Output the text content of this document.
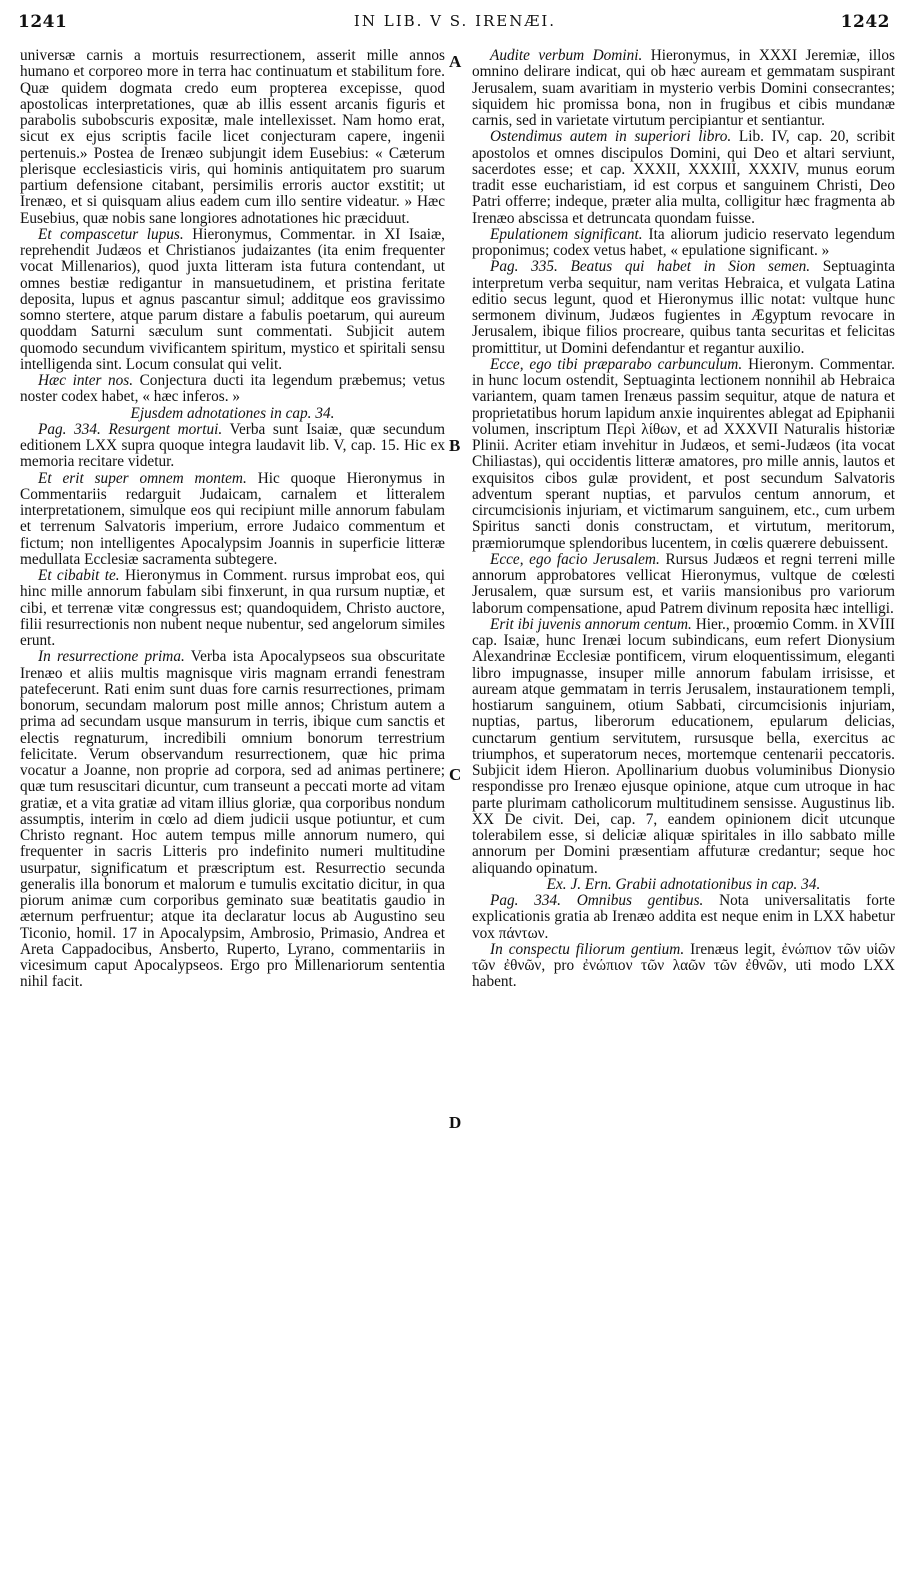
1241	IN LIB. V S. IRENÆI.	1242
A
B
C
D

universæ carnis a mortuis resurrectionem, asserit mille annos humano et corporeo more in terra hac continuatum et stabilitum fore. Quæ quidem dogmata credo eum propterea excepisse, quod apostolicas interpretationes, quæ ab illis essent arcanis figuris et parabolis subobscuris expositæ, male intellexisset. Nam homo erat, sicut ex ejus scriptis facile licet conjecturam capere, ingenii pertenuis.» Postea de Irenæo subjungit idem Eusebius: « Cæterum plerisque ecclesiasticis viris, qui hominis antiquitatem pro suarum partium defensione citabant, persimilis erroris auctor exstitit; ut Irenæo, et si quisquam alius eadem cum illo sentire videatur. » Hæc Eusebius, quæ nobis sane longiores adnotationes hic præciduut.

Et compascetur lupus. Hieronymus, Commentar. in XI Isaiæ, reprehendit Judæos et Christianos judaizantes (ita enim frequenter vocat Millenarios), quod juxta litteram ista futura contendant, ut omnes bestiæ redigantur in mansuetudinem, et pristina feritate deposita, lupus et agnus pascantur simul; additque eos gravissimo somno stertere, atque parum distare a fabulis poetarum, qui aureum quoddam Saturni sæculum sunt commentati. Subjicit autem quomodo secundum vivificantem spiritum, mystico et spiritali sensu intelligenda sint. Locum consulat qui velit.

Hæc inter nos. Conjectura ducti ita legendum præbemus; vetus noster codex habet, « hæc inferos. »

Ejusdem adnotationes in cap. 34.

Pag. 334. Resurgent mortui. Verba sunt Isaiæ, quæ secundum editionem LXX supra quoque integra laudavit lib. V, cap. 15. Hic ex memoria recitare videtur.

Et erit super omnem montem. Hic quoque Hieronymus in Commentariis redarguit Judaicam, carnalem et litteralem interpretationem, simulque eos qui recipiunt mille annorum fabulam et terrenum Salvatoris imperium, errore Judaico commentum et fictum; non intelligentes Apocalypsim Joannis in superficie litteræ medullata Ecclesiæ sacramenta subtegere.

Et cibabit te. Hieronymus in Comment. rursus improbat eos, qui hinc mille annorum fabulam sibi finxerunt, in qua rursum nuptiæ, et cibi, et terrenæ vitæ congressus est; quandoquidem, Christo auctore, filii resurrectionis non nubent neque nubentur, sed angelorum similes erunt.

In resurrectione prima. Verba ista Apocalypseos sua obscuritate Irenæo et aliis multis magnisque viris magnam errandi fenestram patefecerunt. Rati enim sunt duas fore carnis resurrectiones, primam bonorum, secundam malorum post mille annos; Christum autem a prima ad secundam usque mansurum in terris, ibique cum sanctis et electis regnaturum, incredibili omnium bonorum terrestrium felicitate. Verum observandum resurrectionem, quæ hic prima vocatur a Joanne, non proprie ad corpora, sed ad animas pertinere; quæ tum resuscitari dicuntur, cum transeunt a peccati morte ad vitam gratiæ, et a vita gratiæ ad vitam illius gloriæ, qua corporibus nondum assumptis, interim in cœlo ad diem judicii usque potiuntur, et cum Christo regnant. Hoc autem tempus mille annorum numero, qui frequenter in sacris Litteris pro indefinito numeri multitudine usurpatur, significatum et præscriptum est. Resurrectio secunda generalis illa bonorum et malorum e tumulis excitatio dicitur, in qua piorum animæ cum corporibus geminato suæ beatitatis gaudio in æternum perfruentur; atque ita declaratur locus ab Augustino seu Ticonio, homil. 17 in Apocalypsim, Ambrosio, Primasio, Andrea et Areta Cappadocibus, Ansberto, Ruperto, Lyrano, commentariis in vicesimum caput Apocalypseos. Ergo pro Millenariorum sententia nihil facit.

Audite verbum Domini. Hieronymus, in XXXI Jeremiæ, illos omnino delirare indicat, qui ob hæc auream et gemmatam suspirant Jerusalem, suam avaritiam in mysterio verbis Domini consecrantes; siquidem hic promissa bona, non in frugibus et cibis mundanæ carnis, sed in varietate virtutum percipiantur et sentiantur.

Ostendimus autem in superiori libro. Lib. IV, cap. 20, scribit apostolos et omnes discipulos Domini, qui Deo et altari serviunt, sacerdotes esse; et cap. XXXII, XXXIII, XXXIV, munus eorum tradit esse eucharistiam, id est corpus et sanguinem Christi, Deo Patri offerre; indeque, præter alia multa, colligitur hæc fragmenta ab Irenæo abscissa et detruncata quondam fuisse.

Epulationem significant. Ita aliorum judicio reservato legendum proponimus; codex vetus habet, « epulatione significant. »

Pag. 335. Beatus qui habet in Sion semen. Septuaginta interpretum verba sequitur, nam veritas Hebraica, et vulgata Latina editio secus legunt, quod et Hieronymus illic notat: vultque hunc sermonem divinum, Judæos fugientes in Ægyptum revocare in Jerusalem, ibique filios procreare, quibus tanta securitas et felicitas promittitur, ut Domini defendantur et regantur auxilio.

Ecce, ego tibi præparabo carbunculum. Hieronym. Commentar. in hunc locum ostendit, Septuaginta lectionem nonnihil ab Hebraica variantem, quam tamen Irenæus passim sequitur, atque de natura et proprietatibus horum lapidum anxie inquirentes ablegat ad Epiphanii volumen, inscriptum Περὶ λίθων, et ad XXXVII Naturalis historiæ Plinii. Acriter etiam invehitur in Judæos, et semi-Judæos (ita vocat Chiliastas), qui occidentis litteræ amatores, pro mille annis, lautos et exquisitos cibos gulæ provident, et post secundum Salvatoris adventum sperant nuptias, et parvulos centum annorum, et circumcisionis injuriam, et victimarum sanguinem, etc., cum urbem Spiritus sancti donis constructam, et virtutum, meritorum, præmiorumque splendoribus lucentem, in cœlis quærere debuissent.

Ecce, ego facio Jerusalem. Rursus Judæos et regni terreni mille annorum approbatores vellicat Hieronymus, vultque de cœlesti Jerusalem, quæ sursum est, et variis mansionibus pro variorum laborum compensatione, apud Patrem divinum reposita hæc intelligi.

Erit ibi juvenis annorum centum. Hier., proœmio Comm. in XVIII cap. Isaiæ, hunc Irenæi locum subindicans, eum refert Dionysium Alexandrinæ Ecclesiæ pontificem, virum eloquentissimum, eleganti libro impugnasse, insuper mille annorum fabulam irrisisse, et auream atque gemmatam in terris Jerusalem, instaurationem templi, hostiarum sanguinem, otium Sabbati, circumcisionis injuriam, nuptias, partus, liberorum educationem, epularum delicias, cunctarum gentium servitutem, rursusque bella, exercitus ac triumphos, et superatorum neces, mortemque centenarii peccatoris. Subjicit idem Hieron. Apollinarium duobus voluminibus Dionysio respondisse pro Irenæo ejusque opinione, atque cum utroque in hac parte plurimam catholicorum multitudinem sensisse. Augustinus lib. XX De civit. Dei, cap. 7, eandem opinionem dicit utcunque tolerabilem esse, si deliciæ aliquæ spiritales in illo sabbato mille annorum per Domini præsentiam affuturæ credantur; seque hoc aliquando opinatum.

Ex. J. Ern. Grabii adnotationibus in cap. 34.

Pag. 334. Omnibus gentibus. Nota universalitatis forte explicationis gratia ab Irenæo addita est neque enim in LXX habetur vox πάντων.

In conspectu filiorum gentium. Irenæus legit, ἐνώπιον τῶν υἱῶν τῶν ἐθνῶν, pro ἐνώπιον τῶν λαῶν τῶν ἐθνῶν, uti modo LXX habent.
